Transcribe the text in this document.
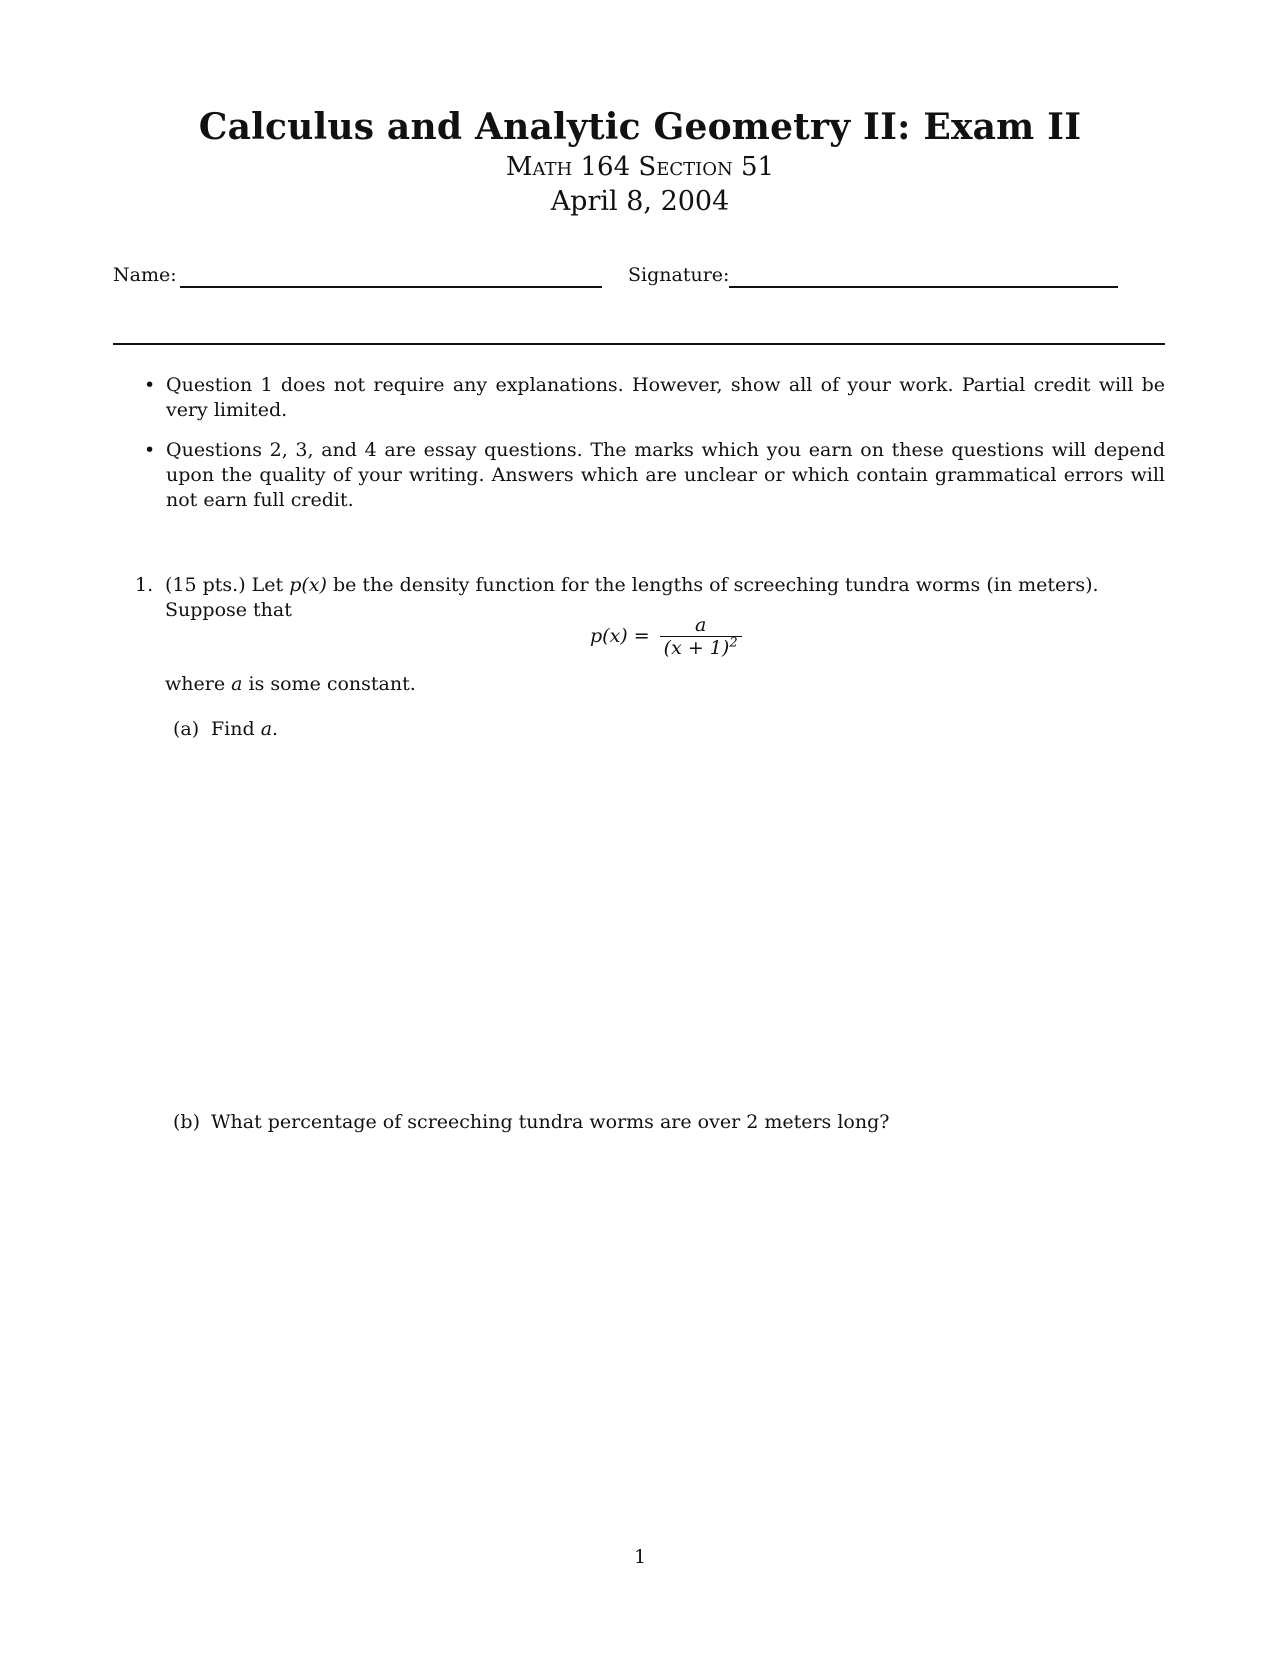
Calculus and Analytic Geometry II: Exam II
Math 164 Section 51
April 8, 2004
Name:	Signature:
• Question 1 does not require any explanations. However, show all of your work. Partial credit will be very limited.
• Questions 2, 3, and 4 are essay questions. The marks which you earn on these questions will depend upon the quality of your writing. Answers which are unclear or which contain grammatical errors will not earn full credit.
1. (15 pts.) Let p(x) be the density function for the lengths of screeching tundra worms (in meters). Suppose that
$p(x) = \frac{a}{(x + 1)^2}$
where a is some constant.
(a) Find a.
(b) What percentage of screeching tundra worms are over 2 meters long?
1
